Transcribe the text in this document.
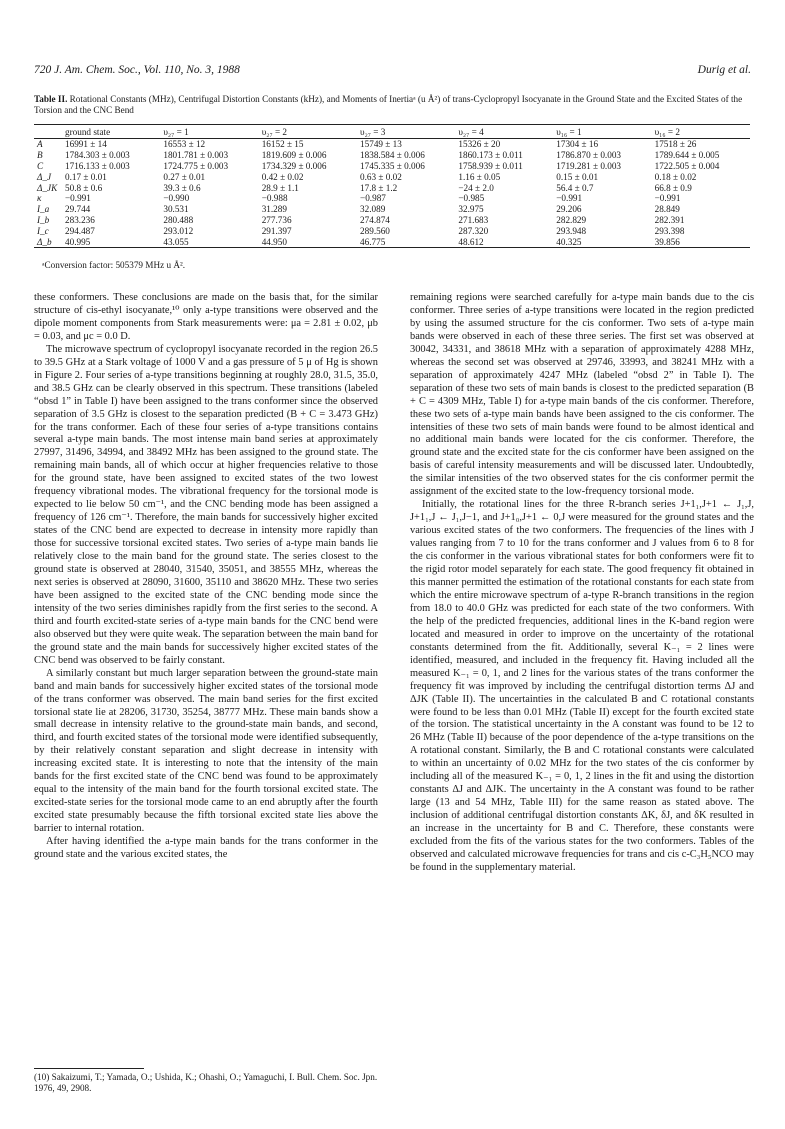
720 J. Am. Chem. Soc., Vol. 110, No. 3, 1988	Durig et al.
Table II. Rotational Constants (MHz), Centrifugal Distortion Constants (kHz), and Moments of Inertiaᵃ (u Å²) of trans-Cyclopropyl Isocyanate in the Ground State and the Excited States of the Torsion and the CNC Bend
	ground state	υ₂₇ = 1	υ₂₇ = 2	υ₂₇ = 3	υ₂₇ = 4	υ₁₆ = 1	υ₁₆ = 2
A	16991 ± 14	16553 ± 12	16152 ± 15	15749 ± 13	15326 ± 20	17304 ± 16	17518 ± 26
B	1784.303 ± 0.003	1801.781 ± 0.003	1819.609 ± 0.006	1838.584 ± 0.006	1860.173 ± 0.011	1786.870 ± 0.003	1789.644 ± 0.005
C	1716.133 ± 0.003	1724.775 ± 0.003	1734.329 ± 0.006	1745.335 ± 0.006	1758.939 ± 0.011	1719.281 ± 0.003	1722.505 ± 0.004
Δ_J	0.17 ± 0.01	0.27 ± 0.01	0.42 ± 0.02	0.63 ± 0.02	1.16 ± 0.05	0.15 ± 0.01	0.18 ± 0.02
Δ_JK	50.8 ± 0.6	39.3 ± 0.6	28.9 ± 1.1	17.8 ± 1.2	−24 ± 2.0	56.4 ± 0.7	66.8 ± 0.9
κ	−0.991	−0.990	−0.988	−0.987	−0.985	−0.991	−0.991
I_a	29.744	30.531	31.289	32.089	32.975	29.206	28.849
I_b	283.236	280.488	277.736	274.874	271.683	282.829	282.391
I_c	294.487	293.012	291.397	289.560	287.320	293.948	293.398
Δ_b	40.995	43.055	44.950	46.775	48.612	40.325	39.856
ᵃConversion factor: 505379 MHz u Å².

these conformers. These conclusions are made on the basis that, for the similar structure of cis-ethyl isocyanate,¹⁰ only a-type transitions were observed and the dipole moment components from Stark measurements were: μa = 2.81 ± 0.02, μb = 0.03, and μc = 0.0 D.

The microwave spectrum of cyclopropyl isocyanate recorded in the region 26.5 to 39.5 GHz at a Stark voltage of 1000 V and a gas pressure of 5 μ of Hg is shown in Figure 2. Four series of a-type transitions beginning at roughly 28.0, 31.5, 35.0, and 38.5 GHz can be clearly observed in this spectrum. These transitions (labeled “obsd 1” in Table I) have been assigned to the trans conformer since the observed separation of 3.5 GHz is closest to the separation predicted (B + C = 3.473 GHz) for the trans conformer. Each of these four series of a-type transitions contains several a-type main bands. The most intense main band series at approximately 27997, 31496, 34994, and 38492 MHz has been assigned to the ground state. The remaining main bands, all of which occur at higher frequencies relative to those for the ground state, have been assigned to excited states of the two lowest frequency vibrational modes. The vibrational frequency for the torsional mode is expected to lie below 50 cm⁻¹, and the CNC bending mode has been assigned a frequency of 126 cm⁻¹. Therefore, the main bands for successively higher excited states of the CNC bend are expected to decrease in intensity more rapidly than those for successive torsional excited states. Two series of a-type main bands lie relatively close to the main band for the ground state. The series closest to the ground state is observed at 28040, 31540, 35051, and 38555 MHz, whereas the next series is observed at 28090, 31600, 35110 and 38620 MHz. These two series have been assigned to the excited state of the CNC bending mode since the intensity of the two series diminishes rapidly from the first series to the second. A third and fourth excited-state series of a-type main bands for the CNC bend were also observed but they were quite weak. The separation between the main band for the ground state and the main bands for successively higher excited states of the CNC bend was observed to be fairly constant.

A similarly constant but much larger separation between the ground-state main band and main bands for successively higher excited states of the torsional mode of the trans conformer was observed. The main band series for the first excited torsional state lie at 28206, 31730, 35254, 38777 MHz. These main bands show a small decrease in intensity relative to the ground-state main bands, and second, third, and fourth excited states of the torsional mode were identified subsequently, by their relatively constant separation and slight decrease in intensity with increasing excited state. It is interesting to note that the intensity of the main bands for the first excited state of the CNC bend was found to be approximately equal to the intensity of the main band for the fourth torsional excited state. The excited-state series for the torsional mode came to an end abruptly after the fourth excited state presumably because the fifth torsional excited state lies above the barrier to internal rotation.

After having identified the a-type main bands for the trans conformer in the ground state and the various excited states, the

(10) Sakaizumi, T.; Yamada, O.; Ushida, K.; Ohashi, O.; Yamaguchi, I. Bull. Chem. Soc. Jpn. 1976, 49, 2908.

remaining regions were searched carefully for a-type main bands due to the cis conformer. Three series of a-type transitions were located in the region predicted by using the assumed structure for the cis conformer. Two sets of a-type main bands were observed in each of these three series. The first set was observed at 30042, 34331, and 38618 MHz with a separation of approximately 4288 MHz, whereas the second set was observed at 29746, 33993, and 38241 MHz with a separation of approximately 4247 MHz (labeled “obsd 2” in Table I). The separation of these two sets of main bands is closest to the predicted separation (B + C = 4309 MHz, Table I) for a-type main bands of the cis conformer. Therefore, these two sets of a-type main bands have been assigned to the cis conformer. The intensities of these two sets of main bands were found to be almost identical and no additional main bands were located for the cis conformer. Therefore, the ground state and the excited state for the cis conformer have been assigned on the basis of careful intensity measurements and will be discussed later. Undoubtedly, the similar intensities of the two observed states for the cis conformer permit the assignment of the excited state to the low-frequency torsional mode.

Initially, the rotational lines for the three R-branch series J+1₁,J+1 ← J₁,J, J+1₁,J ← J₁,J−1, and J+1₀,J+1 ← 0,J were measured for the ground states and the various excited states of the two conformers. The frequencies of the lines with J values ranging from 7 to 10 for the trans conformer and J values from 6 to 8 for the cis conformer in the various vibrational states for both conformers were fit to the rigid rotor model separately for each state. The good frequency fit obtained in this manner permitted the estimation of the rotational constants for each state from which the entire microwave spectrum of a-type R-branch transitions in the region from 18.0 to 40.0 GHz was predicted for each state of the two conformers. With the help of the predicted frequencies, additional lines in the K-band region were located and measured in order to improve on the uncertainty of the rotational constants determined from the fit. Additionally, several K₋₁ = 2 lines were identified, measured, and included in the frequency fit. Having included all the measured K₋₁ = 0, 1, and 2 lines for the various states of the trans conformer the frequency fit was improved by including the centrifugal distortion terms ΔJ and ΔJK (Table II). The uncertainties in the calculated B and C rotational constants were found to be less than 0.01 MHz (Table II) except for the fourth excited state of the torsion. The statistical uncertainty in the A constant was found to be 12 to 26 MHz (Table II) because of the poor dependence of the a-type transitions on the A rotational constant. Similarly, the B and C rotational constants were calculated to within an uncertainty of 0.02 MHz for the two states of the cis conformer by including all of the measured K₋₁ = 0, 1, 2 lines in the fit and using the distortion constants ΔJ and ΔJK. The uncertainty in the A constant was found to be rather large (13 and 54 MHz, Table III) for the same reason as stated above. The inclusion of additional centrifugal distortion constants ΔK, δJ, and δK resulted in an increase in the uncertainty for B and C. Therefore, these constants were excluded from the fits of the various states for the two conformers. Tables of the observed and calculated microwave frequencies for trans and cis c-C₃H₅NCO may be found in the supplementary material.
